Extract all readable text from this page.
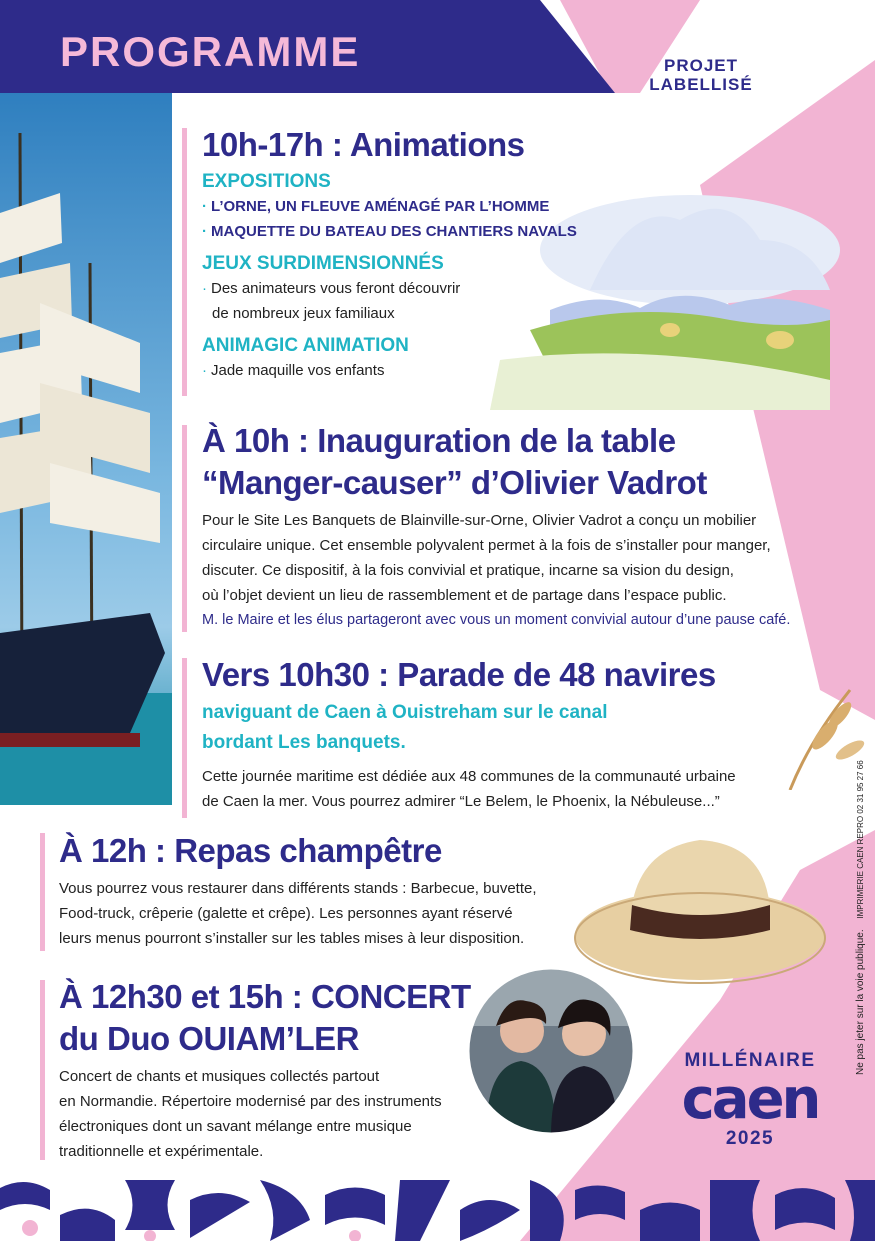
PROGRAMME	PROJET
LABELLISÉ
10h-17h : Animations

EXPOSITIONS

· L’ORNE, UN FLEUVE AMÉNAGÉ PAR L’HOMME

· MAQUETTE DU BATEAU DES CHANTIERS NAVALS

JEUX SURDIMENSIONNÉS

· Des animateurs vous feront découvrir

de nombreux jeux familiaux

ANIMAGIC ANIMATION

· Jade maquille vos enfants

À 10h : Inauguration de la table
“Manger-causer” d’Olivier Vadrot

Pour le Site Les Banquets de Blainville-sur-Orne, Olivier Vadrot a conçu un mobilier

circulaire unique. Cet ensemble polyvalent permet à la fois de s’installer pour manger,

discuter. Ce dispositif, à la fois convivial et pratique, incarne sa vision du design,

où l’objet devient un lieu de rassemblement et de partage dans l’espace public.

M. le Maire et les élus partageront avec vous un moment convivial autour d’une pause café.

Vers 10h30 : Parade de 48 navires

naviguant de Caen à Ouistreham sur le canal

bordant Les banquets.

Cette journée maritime est dédiée aux 48 communes de la communauté urbaine

de Caen la mer. Vous pourrez admirer “Le Belem, le Phoenix, la Nébuleuse...”

À 12h : Repas champêtre

Vous pourrez vous restaurer dans différents stands : Barbecue, buvette,

Food-truck, crêperie (galette et crêpe). Les personnes ayant réservé

leurs menus pourront s’installer sur les tables mises à leur disposition.

À 12h30 et 15h : CONCERT
du Duo OUIAM’LER

Concert de chants et musiques collectés partout

en Normandie. Répertoire modernisé par des instruments

électroniques dont un savant mélange entre musique

traditionnelle et expérimentale.

MILLÉNAIRE
caen
2025
Ne pas jeter sur la voie publique. IMPRIMERIE CAEN REPRO 02 31 95 27 66
